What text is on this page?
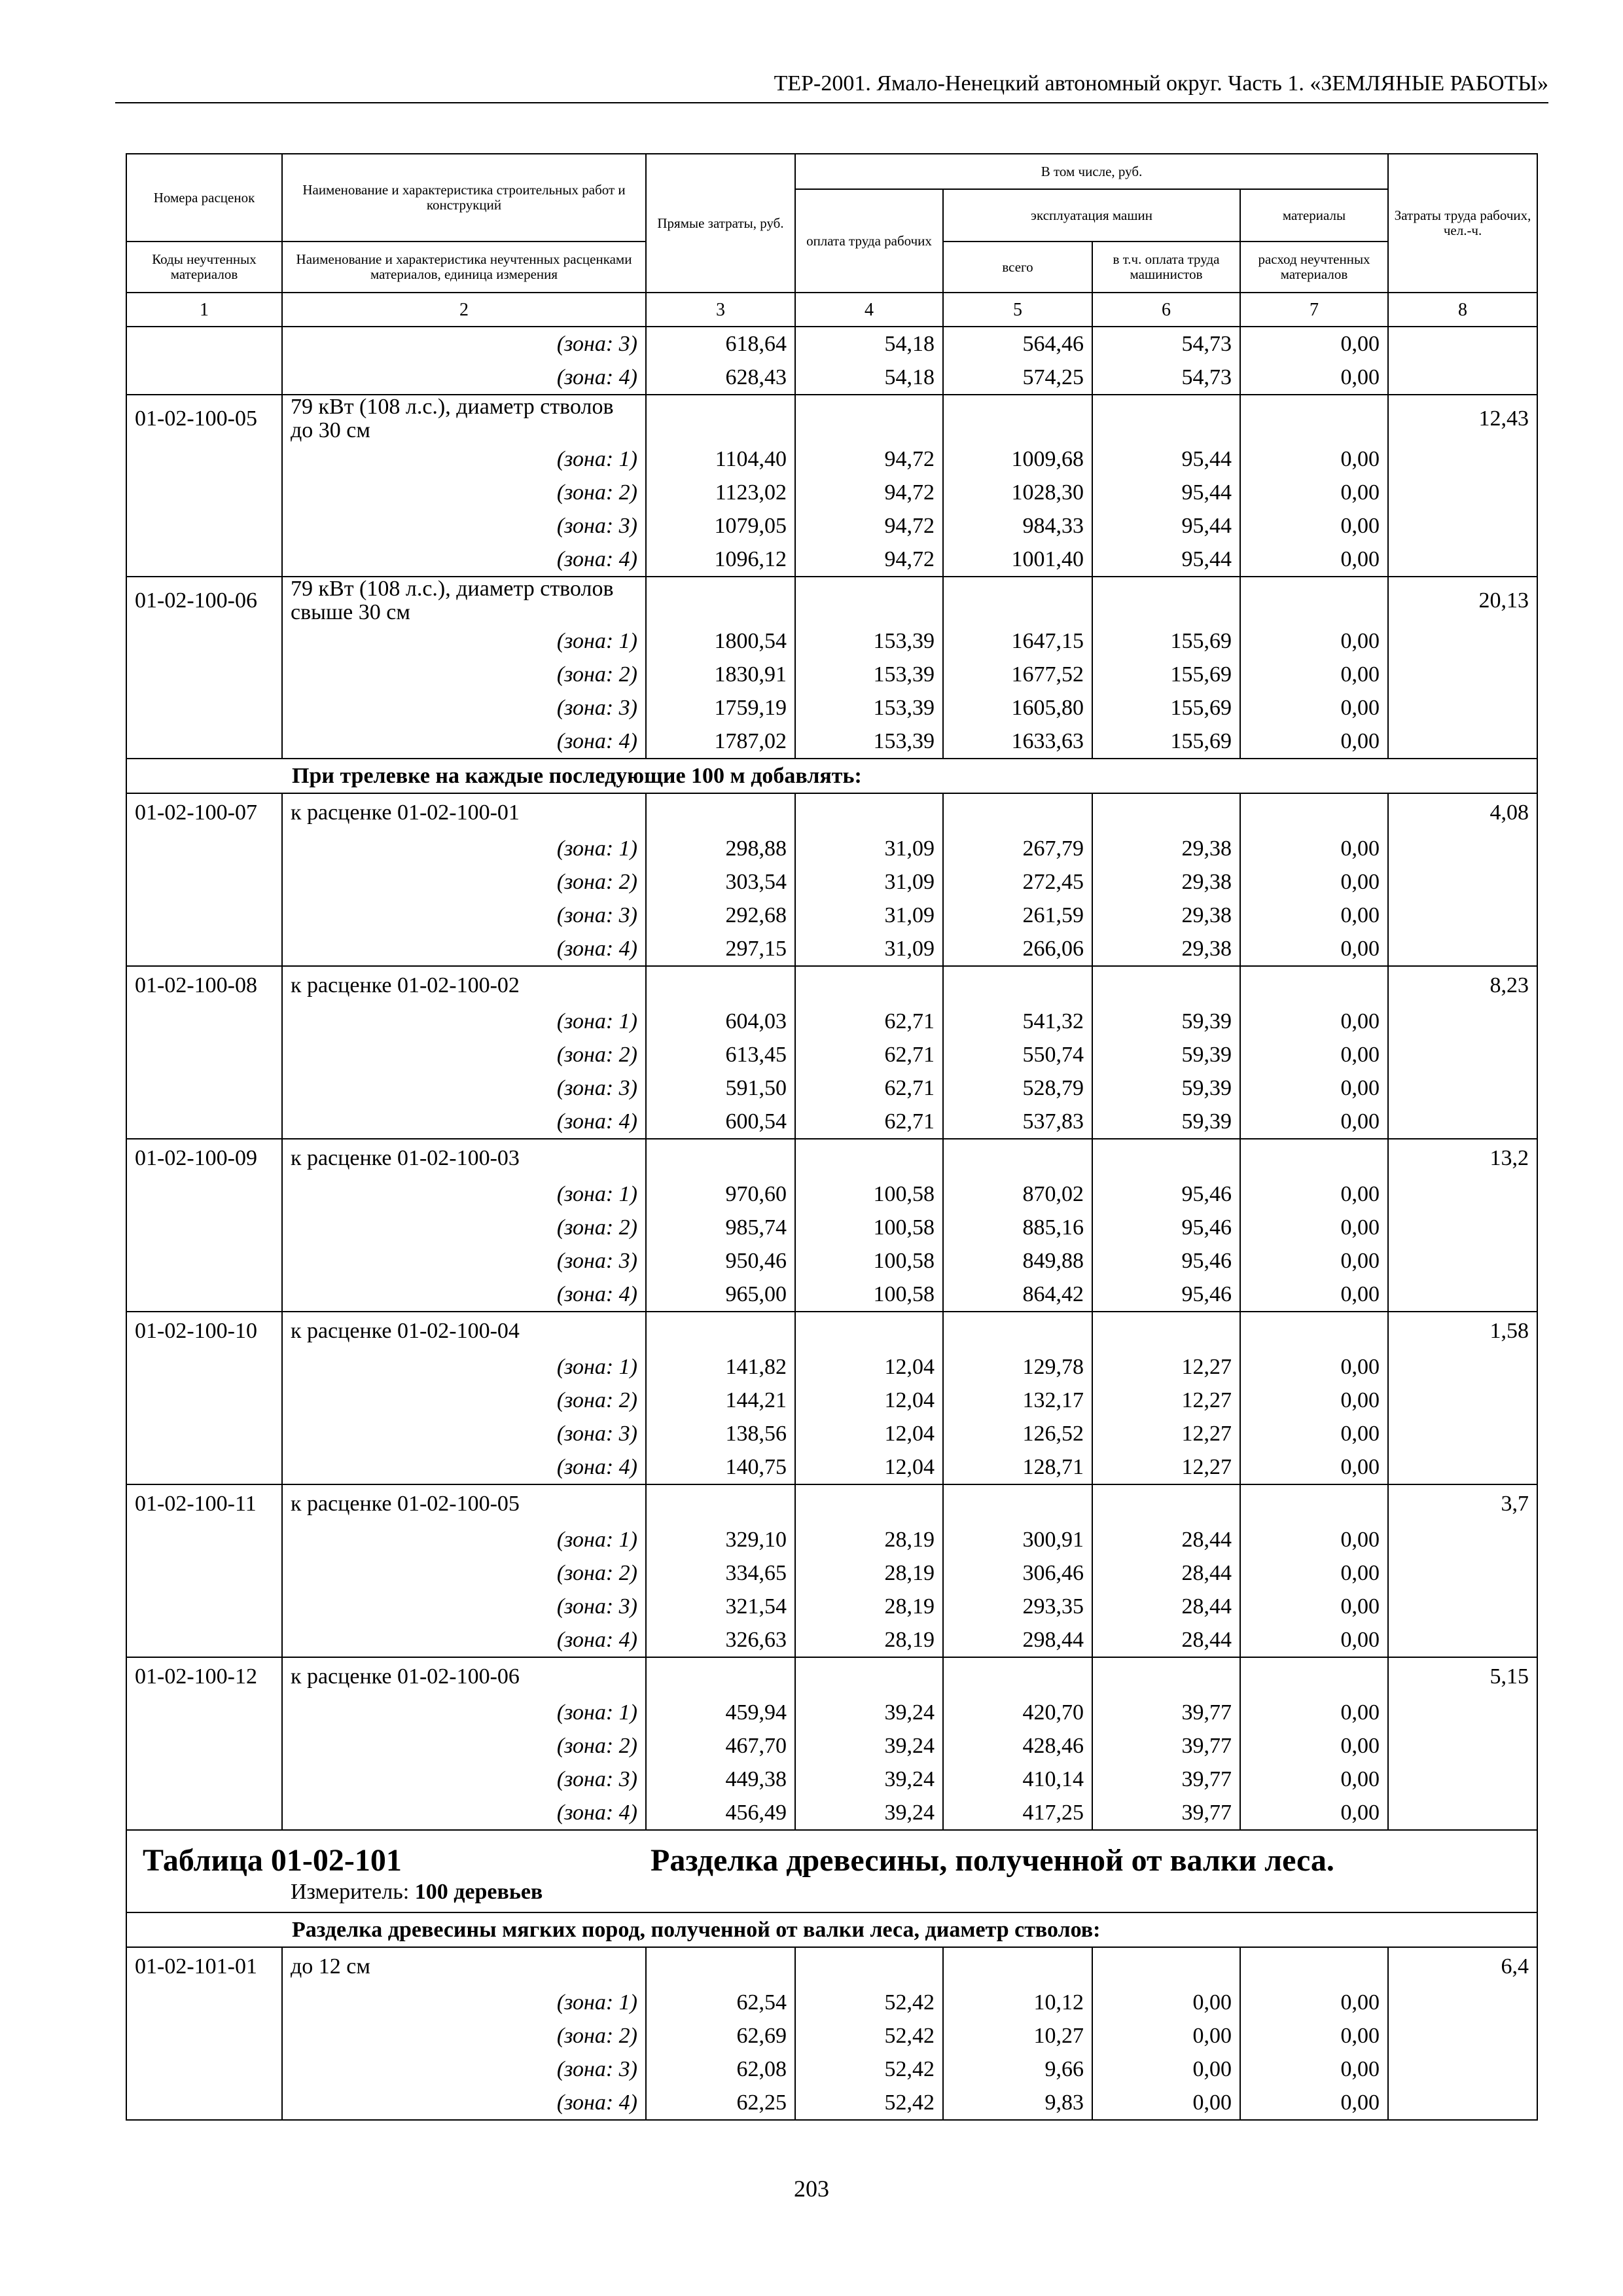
ТЕР-2001. Ямало-Ненецкий автономный округ. Часть 1. «ЗЕМЛЯНЫЕ РАБОТЫ»
Номера расценок	Наименование и характеристика строительных работ и конструкций	Прямые затраты, руб.	В том числе, руб.				Затраты труда рабочих, чел.-ч.
			оплата труда рабочих	эксплуатация машин		материалы	
Коды неучтенных материалов	Наименование и характеристика неучтенных расценками материалов, единица измерения			всего	в т.ч. оплата труда машинистов	расход неучтенных материалов	
1	2	3	4	5	6	7	8
	(зона: 3)	618,64	54,18	564,46	54,73	0,00	
	(зона: 4)	628,43	54,18	574,25	54,73	0,00	
01-02-100-05	79 кВт (108 л.с.), диаметр стволов до 30 см						12,43
	(зона: 1)	1104,40	94,72	1009,68	95,44	0,00	
	(зона: 2)	1123,02	94,72	1028,30	95,44	0,00	
	(зона: 3)	1079,05	94,72	984,33	95,44	0,00	
	(зона: 4)	1096,12	94,72	1001,40	95,44	0,00	
01-02-100-06	79 кВт (108 л.с.), диаметр стволов свыше 30 см						20,13
	(зона: 1)	1800,54	153,39	1647,15	155,69	0,00	
	(зона: 2)	1830,91	153,39	1677,52	155,69	0,00	
	(зона: 3)	1759,19	153,39	1605,80	155,69	0,00	
	(зона: 4)	1787,02	153,39	1633,63	155,69	0,00	
При трелевке на каждые последующие 100 м добавлять:							
01-02-100-07	к расценке 01-02-100-01						4,08
	(зона: 1)	298,88	31,09	267,79	29,38	0,00	
	(зона: 2)	303,54	31,09	272,45	29,38	0,00	
	(зона: 3)	292,68	31,09	261,59	29,38	0,00	
	(зона: 4)	297,15	31,09	266,06	29,38	0,00	
01-02-100-08	к расценке 01-02-100-02						8,23
	(зона: 1)	604,03	62,71	541,32	59,39	0,00	
	(зона: 2)	613,45	62,71	550,74	59,39	0,00	
	(зона: 3)	591,50	62,71	528,79	59,39	0,00	
	(зона: 4)	600,54	62,71	537,83	59,39	0,00	
01-02-100-09	к расценке 01-02-100-03						13,2
	(зона: 1)	970,60	100,58	870,02	95,46	0,00	
	(зона: 2)	985,74	100,58	885,16	95,46	0,00	
	(зона: 3)	950,46	100,58	849,88	95,46	0,00	
	(зона: 4)	965,00	100,58	864,42	95,46	0,00	
01-02-100-10	к расценке 01-02-100-04						1,58
	(зона: 1)	141,82	12,04	129,78	12,27	0,00	
	(зона: 2)	144,21	12,04	132,17	12,27	0,00	
	(зона: 3)	138,56	12,04	126,52	12,27	0,00	
	(зона: 4)	140,75	12,04	128,71	12,27	0,00	
01-02-100-11	к расценке 01-02-100-05						3,7
	(зона: 1)	329,10	28,19	300,91	28,44	0,00	
	(зона: 2)	334,65	28,19	306,46	28,44	0,00	
	(зона: 3)	321,54	28,19	293,35	28,44	0,00	
	(зона: 4)	326,63	28,19	298,44	28,44	0,00	
01-02-100-12	к расценке 01-02-100-06						5,15
	(зона: 1)	459,94	39,24	420,70	39,77	0,00	
	(зона: 2)	467,70	39,24	428,46	39,77	0,00	
	(зона: 3)	449,38	39,24	410,14	39,77	0,00	
	(зона: 4)	456,49	39,24	417,25	39,77	0,00	

Таблица 01-02-101 Разделка древесины, полученной от валки леса.
Измеритель: 100 деревьев							

Разделка древесины мягких пород, полученной от валки леса, диаметр стволов:							
01-02-101-01	до 12 см						6,4
	(зона: 1)	62,54	52,42	10,12	0,00	0,00	
	(зона: 2)	62,69	52,42	10,27	0,00	0,00	
	(зона: 3)	62,08	52,42	9,66	0,00	0,00	
	(зона: 4)	62,25	52,42	9,83	0,00	0,00	
203
